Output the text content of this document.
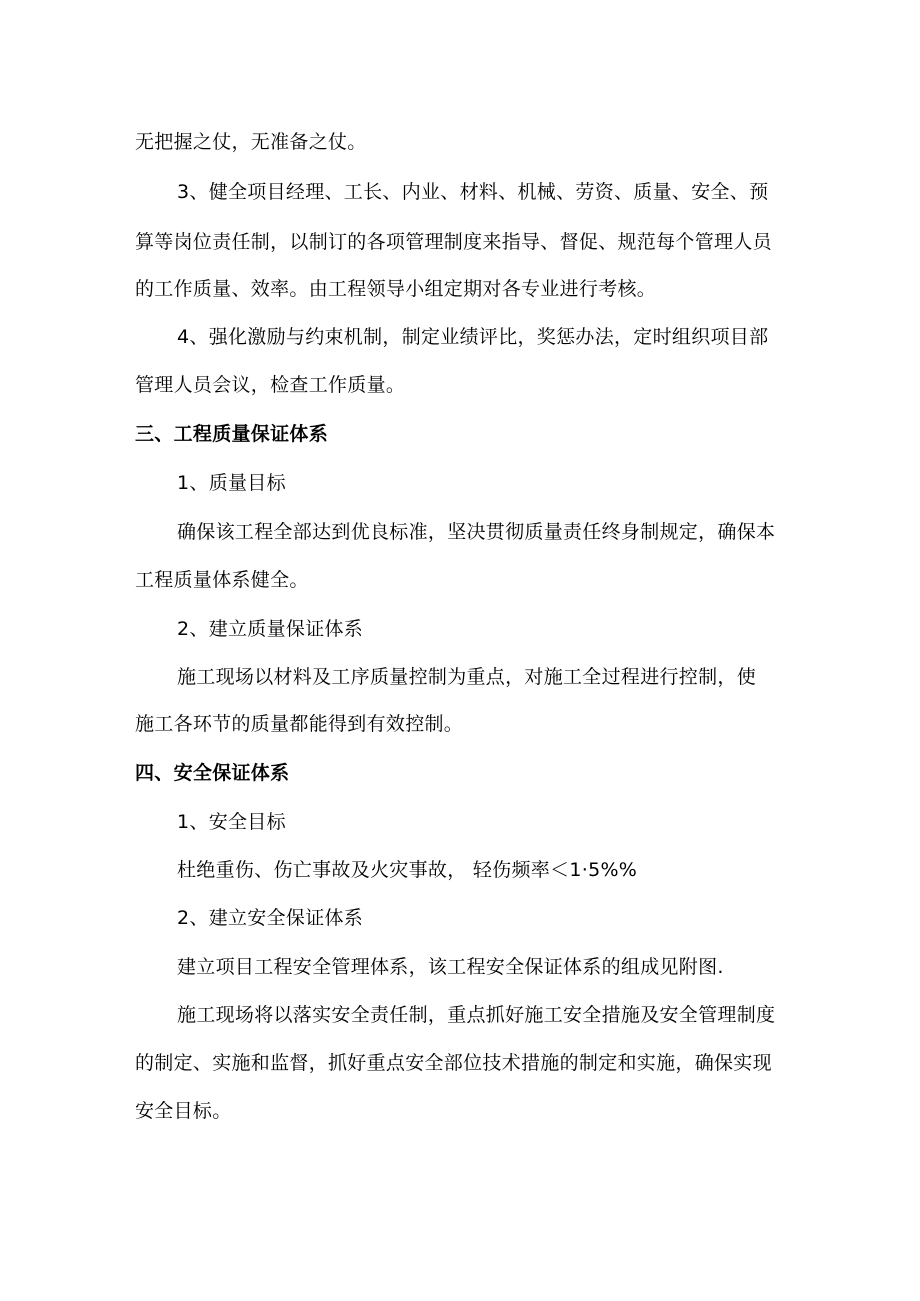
无把握之仗，无准备之仗。
3、健全项目经理、工长、内业、材料、机械、劳资、质量、安全、预
算等岗位责任制，以制订的各项管理制度来指导、督促、规范每个管理人员
的工作质量、效率。由工程领导小组定期对各专业进行考核。
4、强化激励与约束机制，制定业绩评比，奖惩办法，定时组织项目部
管理人员会议，检查工作质量。
三、工程质量保证体系
1、质量目标
确保该工程全部达到优良标准，坚决贯彻质量责任终身制规定，确保本
工程质量体系健全。
2、建立质量保证体系
施工现场以材料及工序质量控制为重点，对施工全过程进行控制，使
施工各环节的质量都能得到有效控制。
四、安全保证体系
1、安全目标
杜绝重伤、伤亡事故及火灾事故， 轻伤频率＜1·5%%
2、建立安全保证体系
建立项目工程安全管理体系，该工程安全保证体系的组成见附图.
施工现场将以落实安全责任制，重点抓好施工安全措施及安全管理制度
的制定、实施和监督，抓好重点安全部位技术措施的制定和实施，确保实现
安全目标。
